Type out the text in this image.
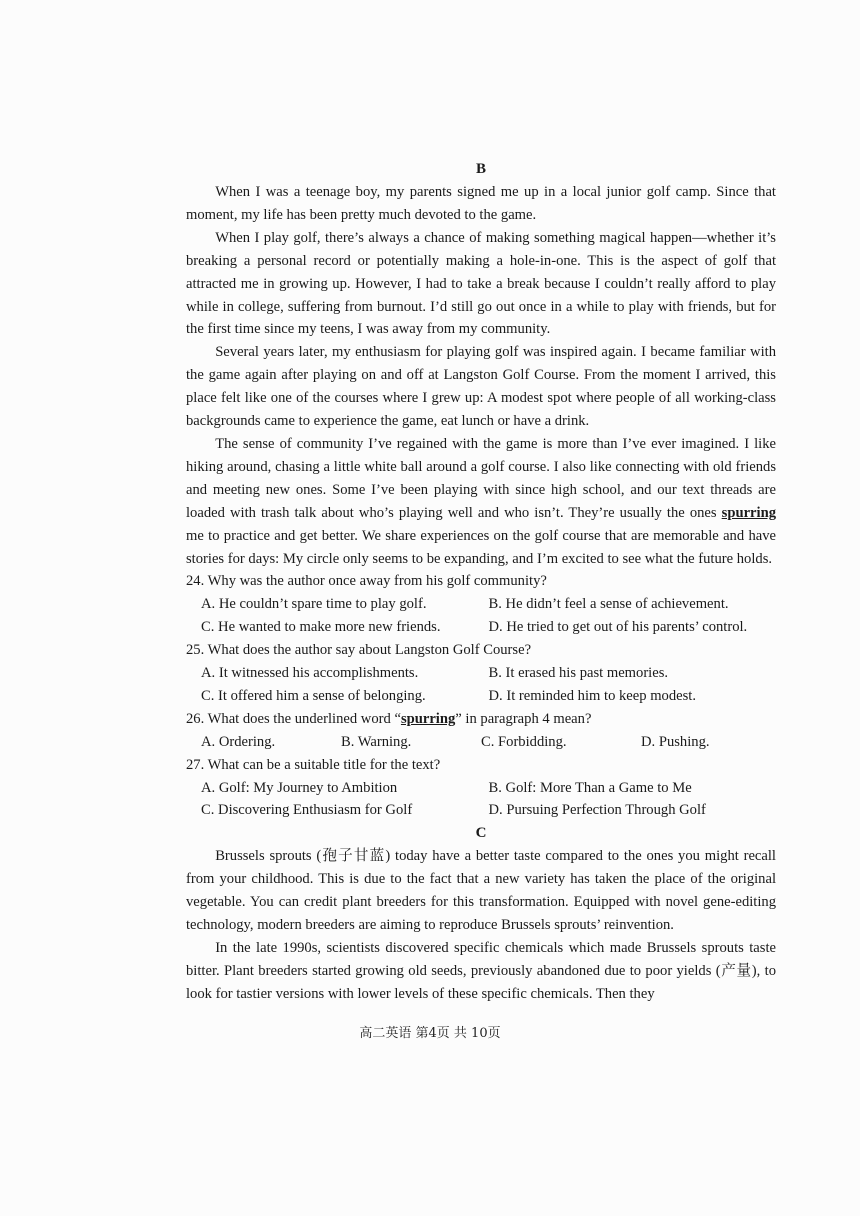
B

When I was a teenage boy, my parents signed me up in a local junior golf camp. Since that moment, my life has been pretty much devoted to the game.

When I play golf, there’s always a chance of making something magical happen—whether it’s breaking a personal record or potentially making a hole-in-one. This is the aspect of golf that attracted me in growing up. However, I had to take a break because I couldn’t really afford to play while in college, suffering from burnout. I’d still go out once in a while to play with friends, but for the first time since my teens, I was away from my community.

Several years later, my enthusiasm for playing golf was inspired again. I became familiar with the game again after playing on and off at Langston Golf Course. From the moment I arrived, this place felt like one of the courses where I grew up: A modest spot where people of all working-class backgrounds came to experience the game, eat lunch or have a drink.

The sense of community I’ve regained with the game is more than I’ve ever imagined. I like hiking around, chasing a little white ball around a golf course. I also like connecting with old friends and meeting new ones. Some I’ve been playing with since high school, and our text threads are loaded with trash talk about who’s playing well and who isn’t. They’re usually the ones spurring me to practice and get better. We share experiences on the golf course that are memorable and have stories for days: My circle only seems to be expanding, and I’m excited to see what the future holds.

24. Why was the author once away from his golf community?

A. He couldn’t spare time to play golf.	B. He didn’t feel a sense of achievement.
C. He wanted to make more new friends.	D. He tried to get out of his parents’ control.

25. What does the author say about Langston Golf Course?

A. It witnessed his accomplishments.	B. It erased his past memories.
C. It offered him a sense of belonging.	D. It reminded him to keep modest.

26. What does the underlined word “spurring” in paragraph 4 mean?

A. Ordering.	B. Warning.	C. Forbidding.	D. Pushing.

27. What can be a suitable title for the text?

A. Golf: My Journey to Ambition	B. Golf: More Than a Game to Me
C. Discovering Enthusiasm for Golf	D. Pursuing Perfection Through Golf

C

Brussels sprouts (孢子甘蓝) today have a better taste compared to the ones you might recall from your childhood. This is due to the fact that a new variety has taken the place of the original vegetable. You can credit plant breeders for this transformation. Equipped with novel gene-editing technology, modern breeders are aiming to reproduce Brussels sprouts’ reinvention.

In the late 1990s, scientists discovered specific chemicals which made Brussels sprouts taste bitter. Plant breeders started growing old seeds, previously abandoned due to poor yields (产量), to look for tastier versions with lower levels of these specific chemicals. Then they

高二英语 第4页 共 10页
